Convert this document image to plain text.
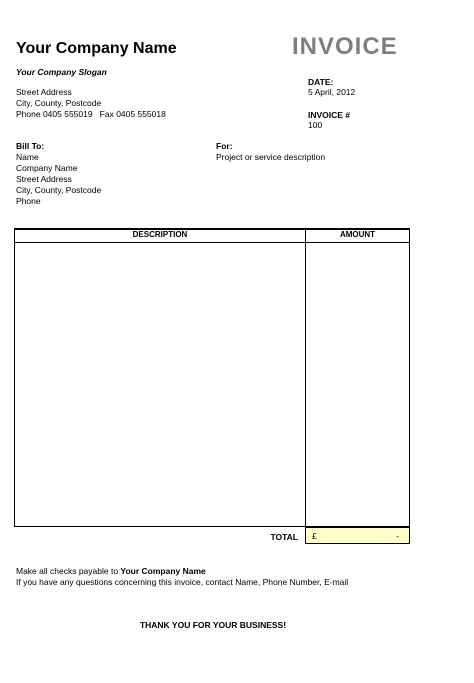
Your Company Name
Your Company Slogan
Street Address
City, County, Postcode
Phone 0405 555019   Fax 0405 555018
INVOICE
DATE:
5 April, 2012
INVOICE #
100
Bill To:
Name
Company Name
Street Address
City, County, Postcode
Phone
For:
Project or service description
DESCRIPTION	AMOUNT
TOTAL £	-
Make all checks payable to Your Company Name
If you have any questions concerning this invoice, contact Name, Phone Number, E-mail
THANK YOU FOR YOUR BUSINESS!
